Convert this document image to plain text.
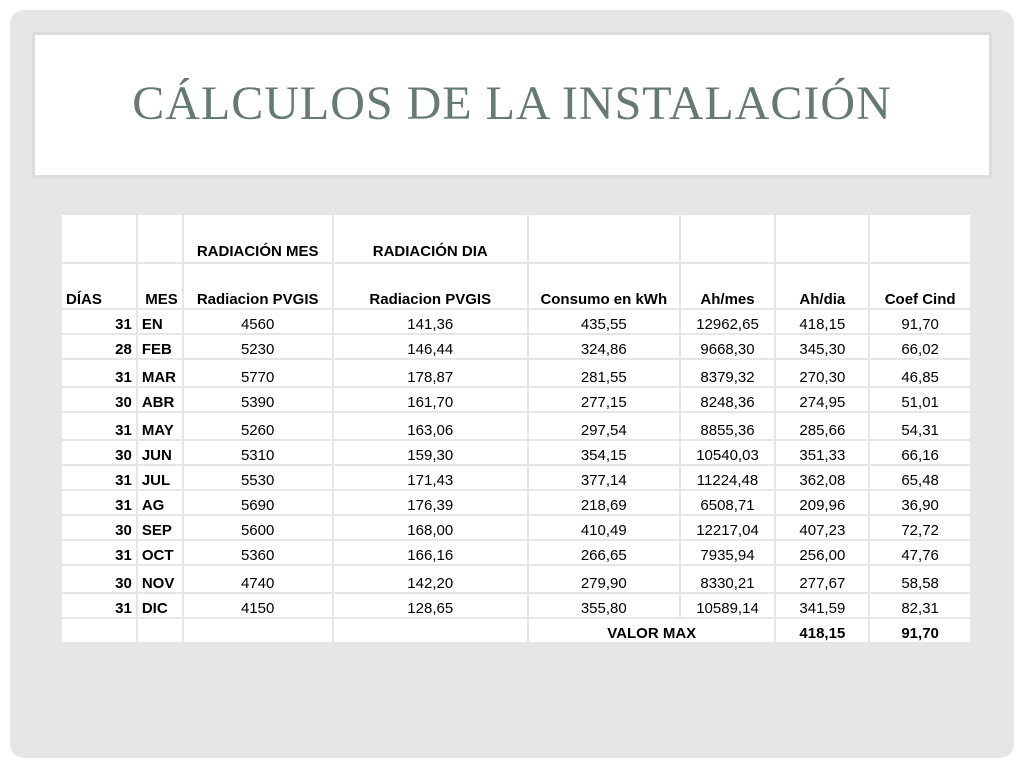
CÁLCULOS DE LA INSTALACIÓN
		RADIACIÓN MES	RADIACIÓN DIA				
DÍAS	MES	Radiacion PVGIS	Radiacion PVGIS	Consumo en kWh	Ah/mes	Ah/dia	Coef Cind
31	EN	4560	141,36	435,55	12962,65	418,15	91,70
28	FEB	5230	146,44	324,86	9668,30	345,30	66,02
31	MAR	5770	178,87	281,55	8379,32	270,30	46,85
30	ABR	5390	161,70	277,15	8248,36	274,95	51,01
31	MAY	5260	163,06	297,54	8855,36	285,66	54,31
30	JUN	5310	159,30	354,15	10540,03	351,33	66,16
31	JUL	5530	171,43	377,14	11224,48	362,08	65,48
31	AG	5690	176,39	218,69	6508,71	209,96	36,90
30	SEP	5600	168,00	410,49	12217,04	407,23	72,72
31	OCT	5360	166,16	266,65	7935,94	256,00	47,76
30	NOV	4740	142,20	279,90	8330,21	277,67	58,58
31	DIC	4150	128,65	355,80	10589,14	341,59	82,31
				VALOR MAX		418,15	91,70
